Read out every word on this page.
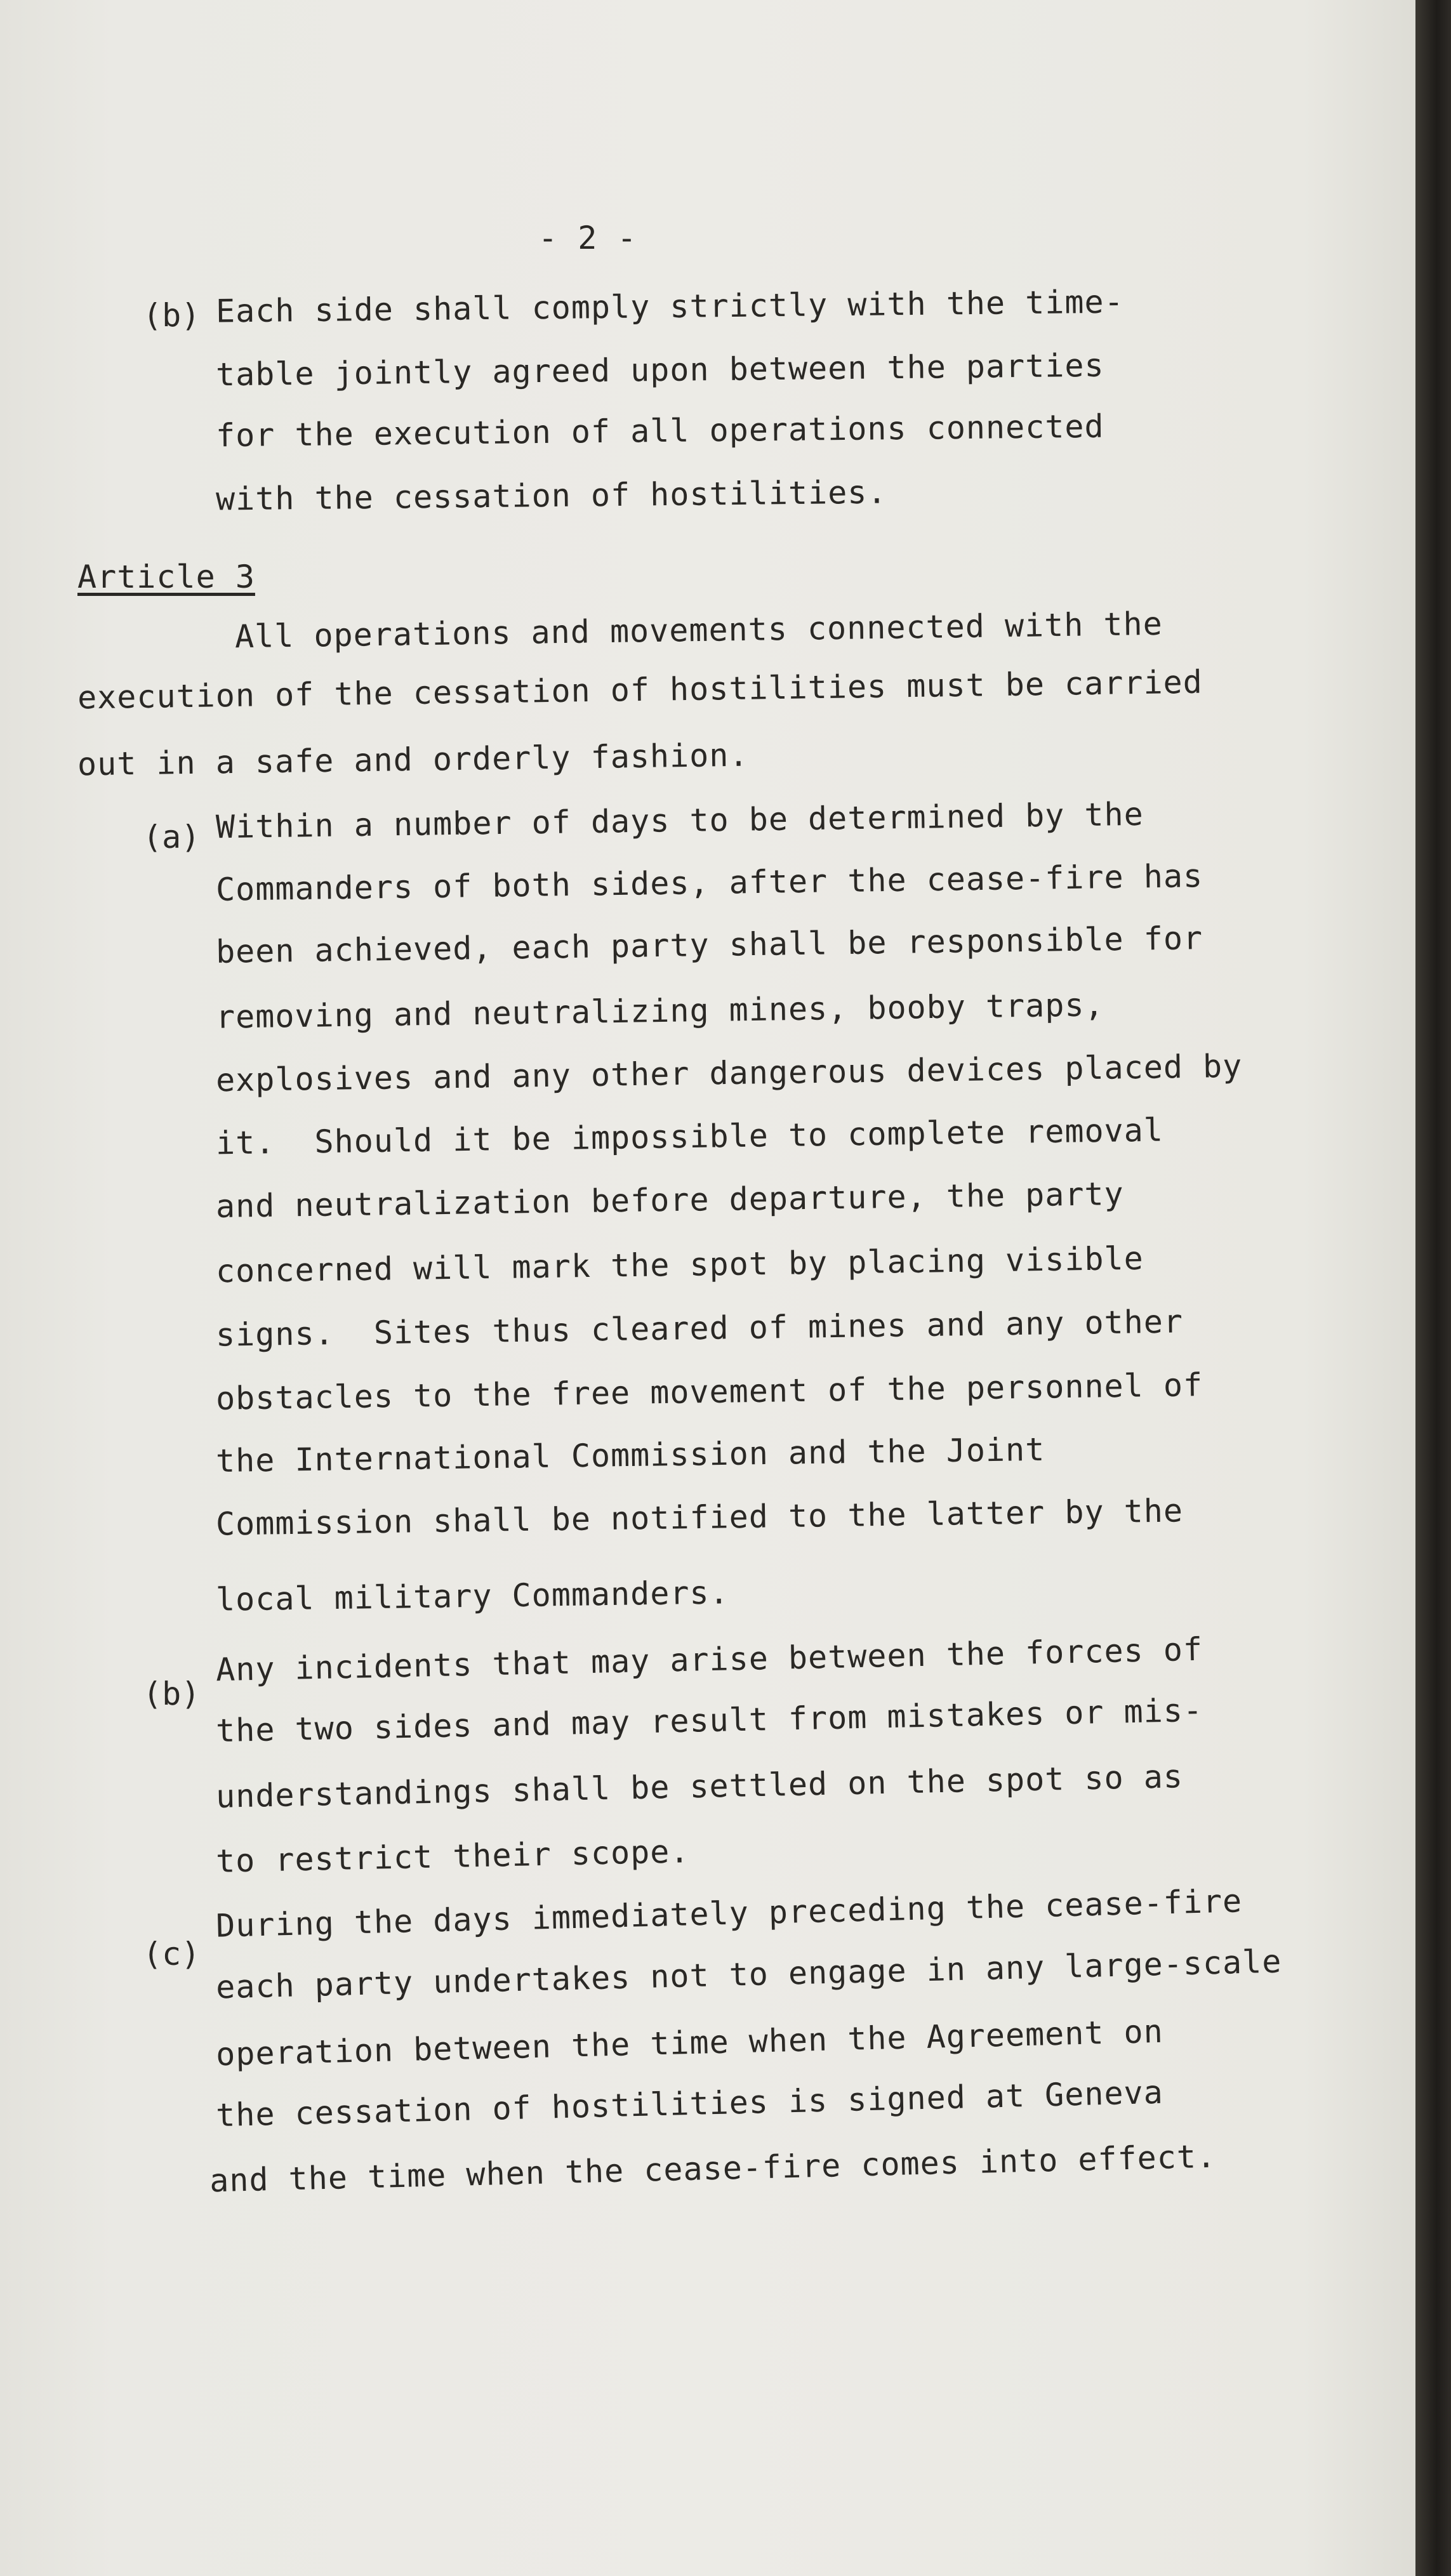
- 2 -
(b) Each side shall comply strictly with the time-
table jointly agreed upon between the parties
for the execution of all operations connected
with the cessation of hostilities.
Article 3
All operations and movements connected with the
execution of the cessation of hostilities must be carried
out in a safe and orderly fashion.
(a) Within a number of days to be determined by the
Commanders of both sides, after the cease-fire has
been achieved, each party shall be responsible for
removing and neutralizing mines, booby traps,
explosives and any other dangerous devices placed by
it.  Should it be impossible to complete removal
and neutralization before departure, the party
concerned will mark the spot by placing visible
signs.  Sites thus cleared of mines and any other
obstacles to the free movement of the personnel of
the International Commission and the Joint
Commission shall be notified to the latter by the
local military Commanders.
(b)
Any incidents that may arise between the forces of
the two sides and may result from mistakes or mis-
understandings shall be settled on the spot so as
to restrict their scope.
(c)
During the days immediately preceding the cease-fire
each party undertakes not to engage in any large-scale
operation between the time when the Agreement on
the cessation of hostilities is signed at Geneva
and the time when the cease-fire comes into effect.
